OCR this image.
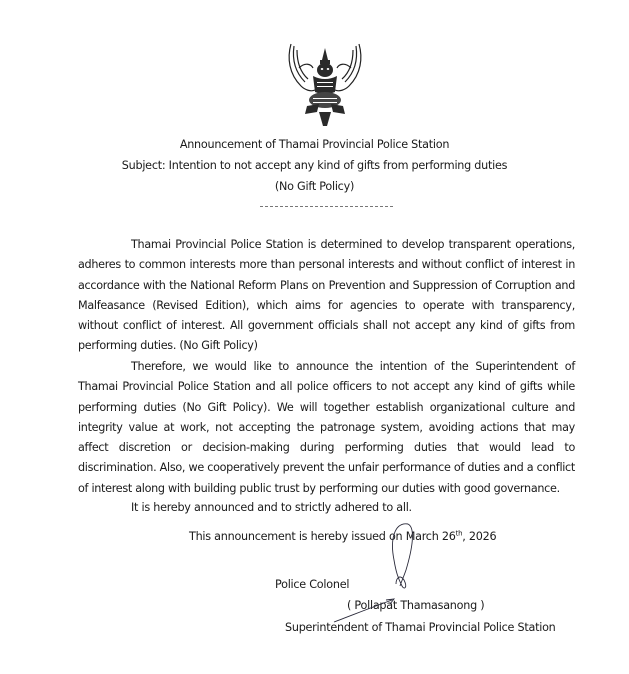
Announcement of Thamai Provincial Police Station
Subject: Intention to not accept any kind of gifts from performing duties
(No Gift Policy)
Thamai Provincial Police Station is determined to develop transparent operations, adheres to common interests more than personal interests and without conflict of interest in accordance with the National Reform Plans on Prevention and Suppression of Corruption and Malfeasance (Revised Edition), which aims for agencies to operate with transparency, without conflict of interest. All government officials shall not accept any kind of gifts from performing duties. (No Gift Policy)
Therefore, we would like to announce the intention of the Superintendent of Thamai Provincial Police Station and all police officers to not accept any kind of gifts while performing duties (No Gift Policy). We will together establish organizational culture and integrity value at work, not accepting the patronage system, avoiding actions that may affect discretion or decision-making during performing duties that would lead to discrimination. Also, we cooperatively prevent the unfair performance of duties and a conflict of interest along with building public trust by performing our duties with good governance.
It is hereby announced and to strictly adhered to all.
This announcement is hereby issued on March 26th, 2026
Police Colonel
( Pollapat Thamasanong )
Superintendent of Thamai Provincial Police Station
